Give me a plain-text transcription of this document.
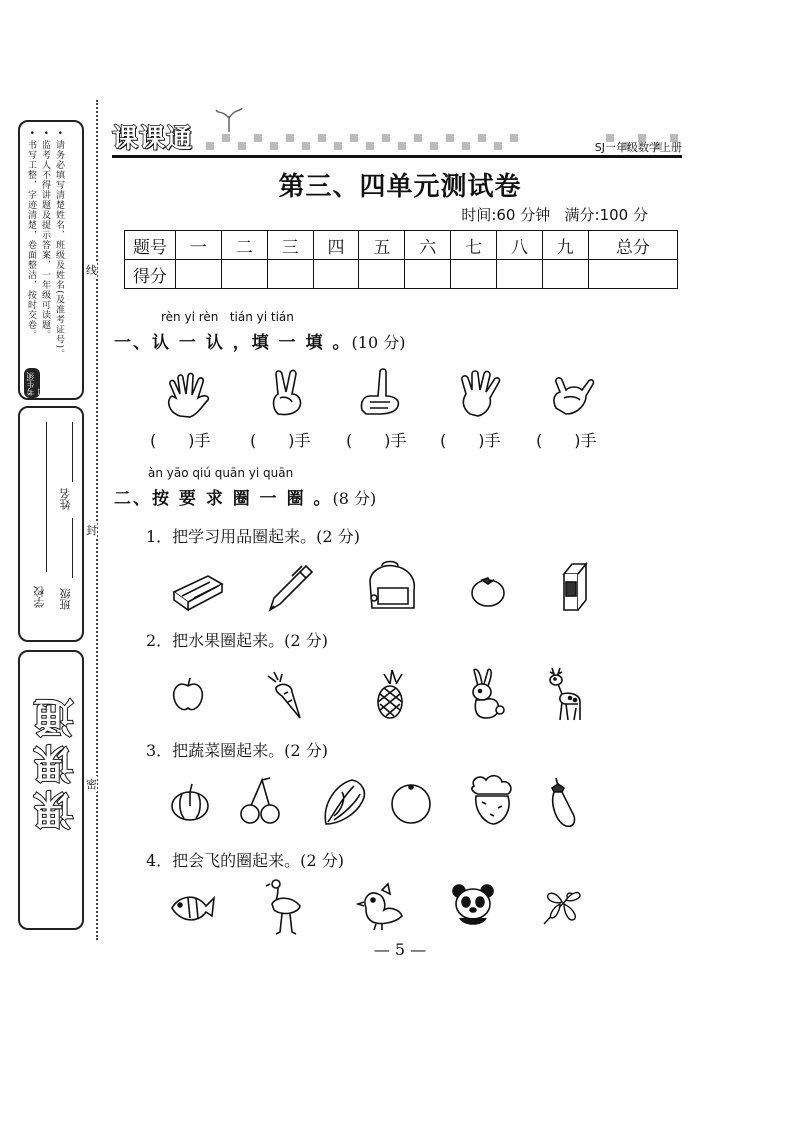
• 请务必填写清楚姓名、班级及姓名(及准考证号)。
• 监考人不得讲题及提示答案，一年级可读题。
• 书写工整，字迹清楚，卷面整洁，按时交卷。
考生须知
学校
姓名
班级
课课通
线
封
密
课课通	SJ一年级数学上册
第三、四单元测试卷
时间:60 分钟   满分:100 分
题号	一	二	三	四	五	六	七	八	九	总分
得分										
rèn yi rèn   tián yi tián
一、认 一 认 ，填 一 填 。(10 分)
(　　)手 (　　)手 (　　)手 (　　)手 (　　)手
àn yāo qiú quān yi quān
二、按 要 求 圈 一 圈 。(8 分)
1．把学习用品圈起来。(2 分)
2．把水果圈起来。(2 分)
3．把蔬菜圈起来。(2 分)
4．把会飞的圈起来。(2 分)
— 5 —
